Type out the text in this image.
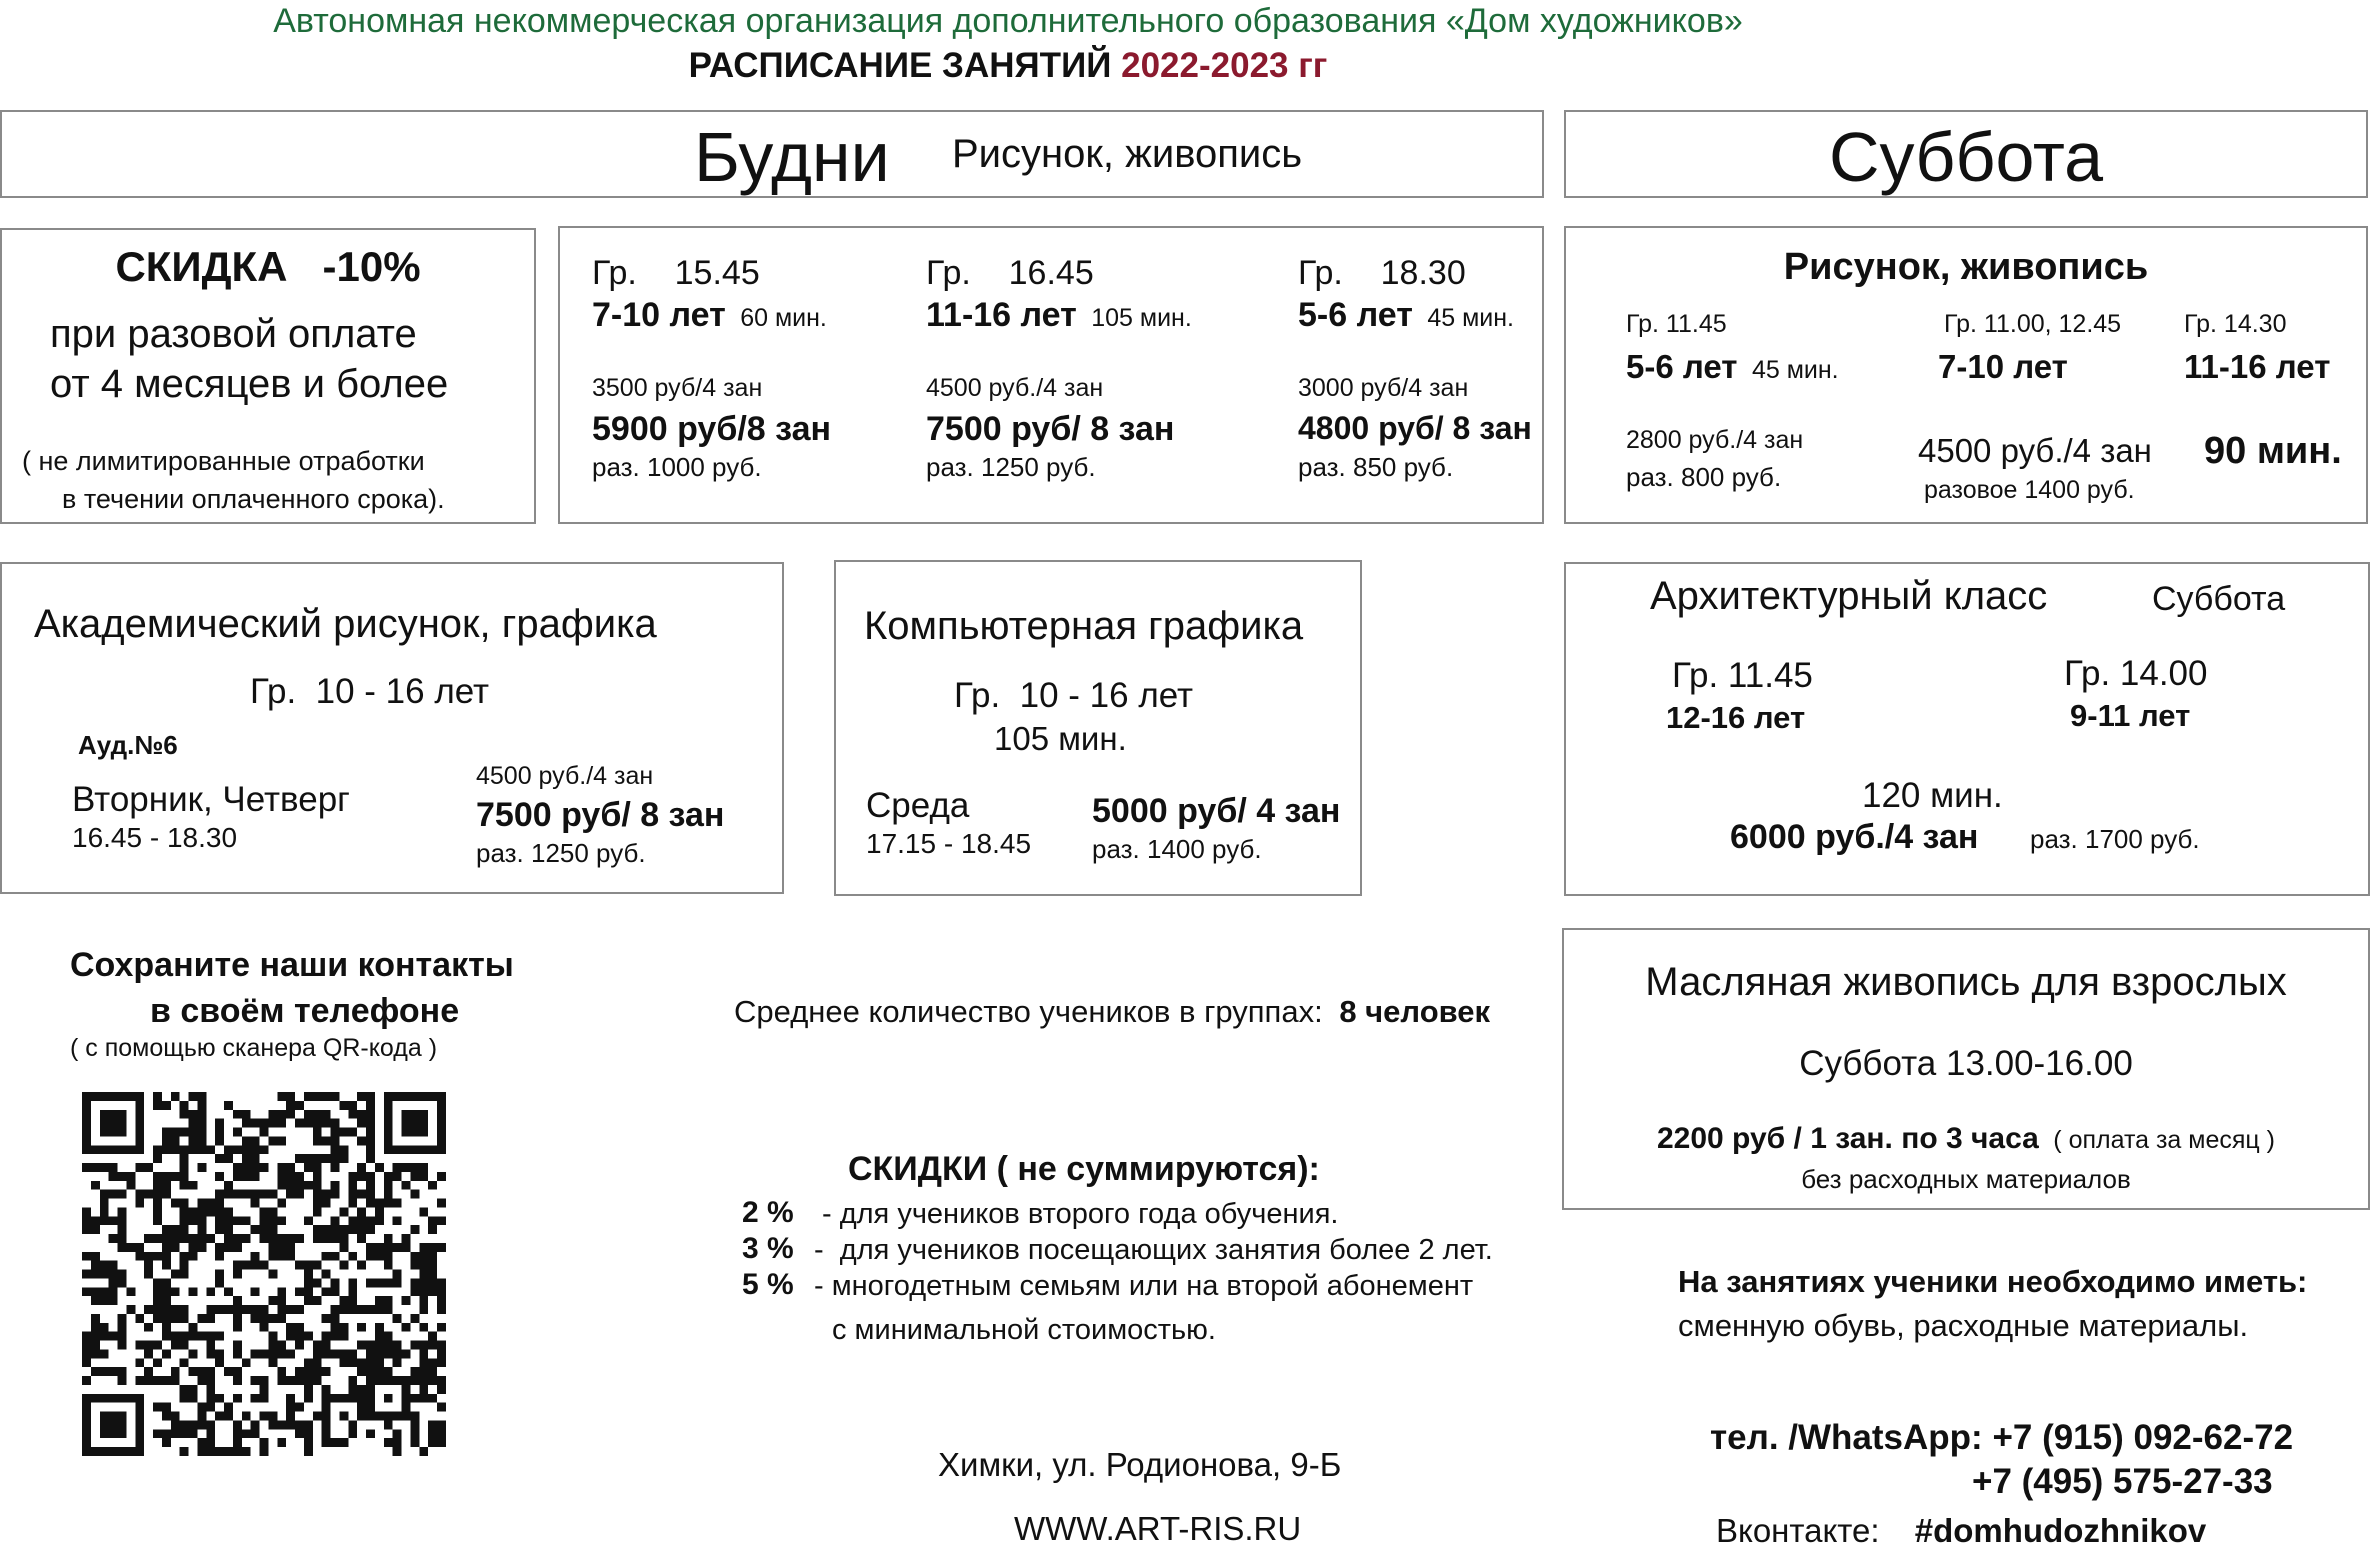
Автономная некоммерческая организация дополнительного образования «Дом художников»
РАСПИСАНИЕ ЗАНЯТИЙ 2022-2023 гг
Будни Рисунок, живопись	Суббота
СКИДКА -10%
при разовой оплате
от 4 месяцев и более
( не лимитированные отработки
в течении оплаченного срока).
Гр.    15.45
7-10 лет 60 мин.
3500 руб/4 зан
5900 руб/8 зан
раз. 1000 руб.
Гр.    16.45
11-16 лет 105 мин.
4500 руб./4 зан
7500 руб/ 8 зан
раз. 1250 руб.
Гр.    18.30
5-6 лет 45 мин.
3000 руб/4 зан
4800 руб/ 8 зан
раз. 850 руб.
Рисунок, живопись
Гр. 11.45
5-6 лет 45 мин.
2800 руб./4 зан
раз. 800 руб.
Гр. 11.00, 12.45
7-10 лет
4500 руб./4 зан
разовое 1400 руб.
Гр. 14.30
11-16 лет
90 мин.
Академический рисунок, графика
Гр.  10 - 16 лет
Ауд.№6
Вторник, Четверг
16.45 - 18.30
4500 руб./4 зан
7500 руб/ 8 зан
раз. 1250 руб.
Компьютерная графика
Гр.  10 - 16 лет
105 мин.
Среда
17.15 - 18.45
5000 руб/ 4 зан
раз. 1400 руб.
Архитектурный класс	Суббота
Гр. 11.45
12-16 лет
Гр. 14.00
9-11 лет
120 мин.
6000 руб./4 зан раз. 1700 руб.
Сохраните наши контакты
в своём телефоне
( с помощью сканера QR-кода )
Среднее количество учеников в группах: 8 человек
СКИДКИ ( не суммируются):
2 % - для учеников второго года обучения.
3 % -  для учеников посещающих занятия более 2 лет.
5 % - многодетным семьям или на второй абонемент
с минимальной стоимостью.
Химки, ул. Родионова, 9-Б
WWW.ART-RIS.RU
Масляная живопись для взрослых
Суббота 13.00-16.00
2200 руб / 1 зан. по 3 часа ( оплата за месяц )
без расходных материалов
На занятиях ученики необходимо иметь:
сменную обувь, расходные материалы.
тел. /WhatsApp: +7 (915) 092-62-72
+7 (495) 575-27-33
Вконтакте: #domhudozhnikov
